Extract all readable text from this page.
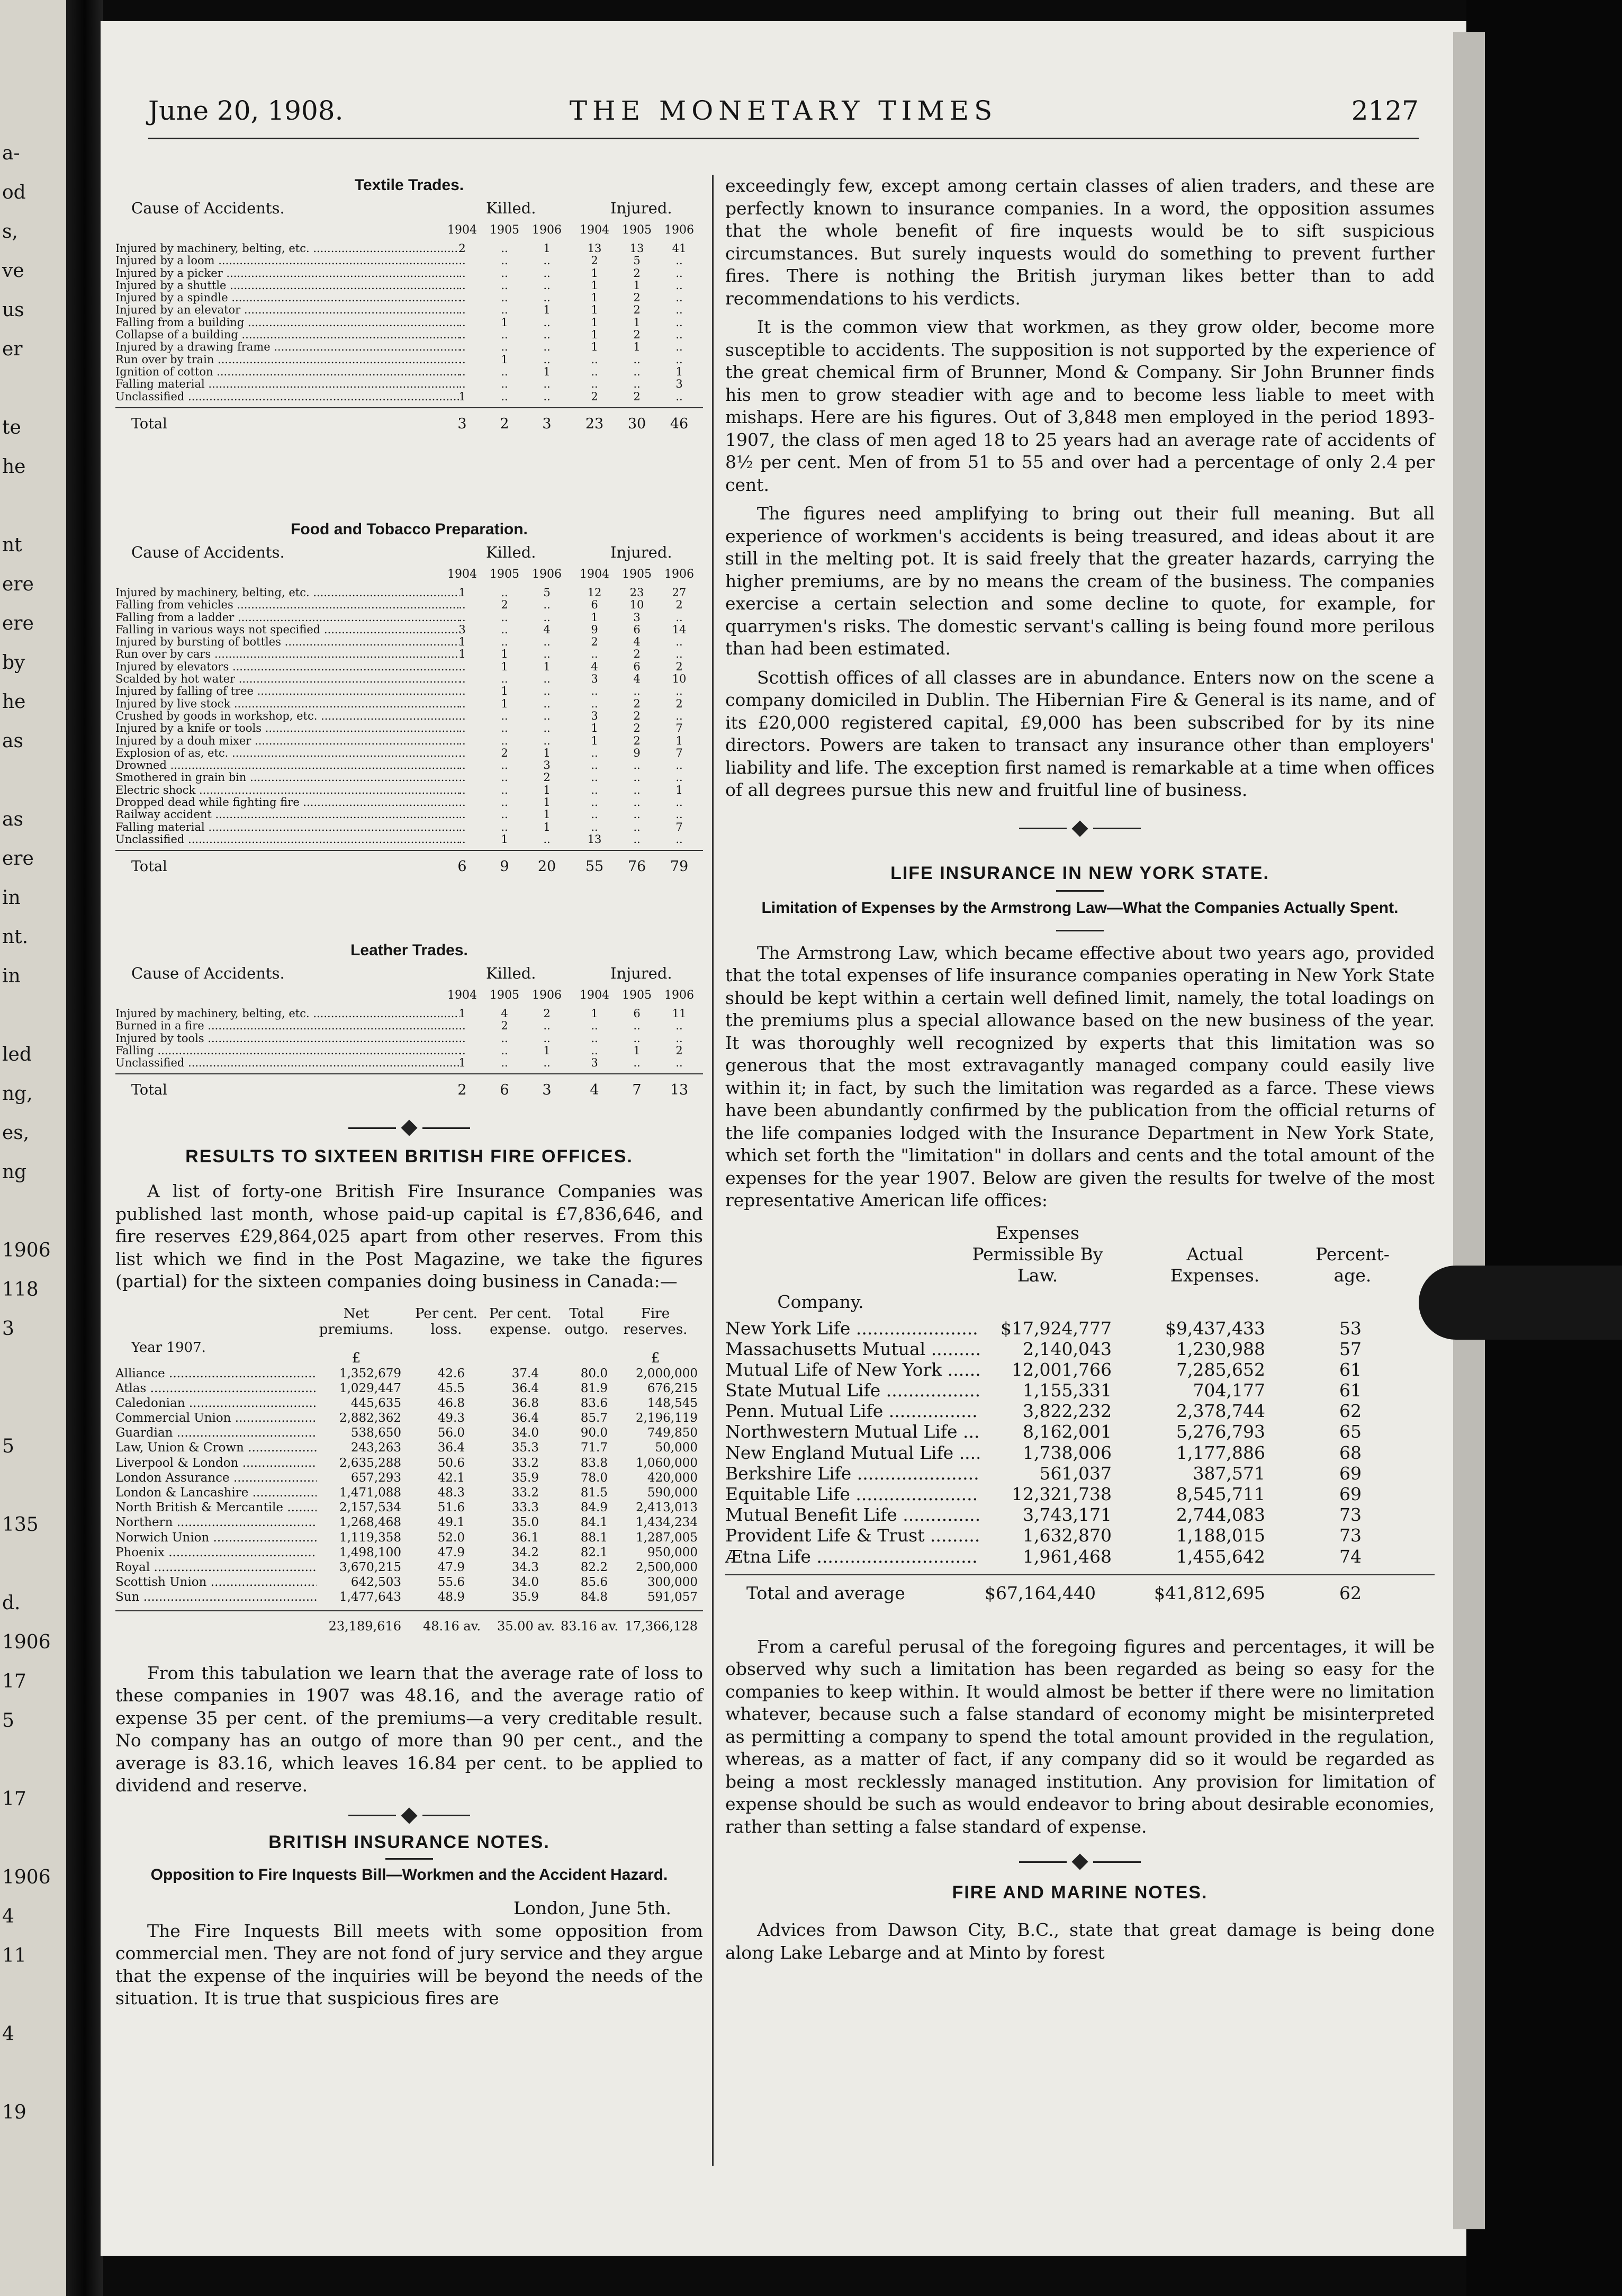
a-
od
s,
ve
us
er
te
he
nt
ere
ere
by
he
as
as
ere
in
nt.
in
led
ng,
es,
ng
1906
118
3
5
135
d.
1906
17
5
17
1906
4
11
4
19
June 20, 1908.	THE MONETARY TIMES	2127
Textile Trades.
Cause of Accidents.	Killed.	Injured.
1904	1905	1906	1904	1905	1906
Injured by machinery, belting, etc. .....	2	..	1	13	13	41
Injured by a loom .....	..	..	..	2	5	..
Injured by a picker .....	..	..	..	1	2	..
Injured by a shuttle .....	..	..	..	1	1	..
Injured by a spindle .....	..	..	..	1	2	..
Injured by an elevator .....	..	..	1	1	2	..
Falling from a building .....	..	1	..	1	1	..
Collapse of a building .....	..	..	..	1	2	..
Injured by a drawing frame .....	..	..	..	1	1	..
Run over by train .....	..	1	..	..	..	..
Ignition of cotton .....	..	..	1	..	..	1
Falling material .....	..	..	..	..	..	3
Unclassified .....	1	..	..	2	2	..
Total	3	2	3	23	30	46
Food and Tobacco Preparation.
Cause of Accidents.	Killed.	Injured.
1904	1905	1906	1904	1905	1906
Injured by machinery, belting, etc. .....	1	..	5	12	23	27
Falling from vehicles .....	..	2	..	6	10	2
Falling from a ladder .....	..	..	..	1	3	..
Falling in various ways not specified .....	3	..	4	9	6	14
Injured by bursting of bottles .....	1	..	..	2	4	..
Run over by cars .....	1	1	..	..	2	..
Injured by elevators .....	..	1	1	4	6	2
Scalded by hot water .....	..	..	..	3	4	10
Injured by falling of tree .....	..	1	..	..	..	..
Injured by live stock .....	..	1	..	..	2	2
Crushed by goods in workshop, etc. .....	..	..	..	3	2	..
Injured by a knife or tools .....	..	..	..	1	2	7
Injured by a douh mixer .....	..	..	..	1	2	1
Explosion of as, etc. .....	..	2	1	..	9	7
Drowned .....	..	..	3	..	..	..
Smothered in grain bin .....	..	..	2	..	..	..
Electric shock .....	..	..	1	..	..	1
Dropped dead while fighting fire .....	..	..	1	..	..	..
Railway accident .....	..	..	1	..	..	..
Falling material .....	..	..	1	..	..	7
Unclassified .....	..	1	..	13	..	..
Total	6	9	20	55	76	79
Leather Trades.
Cause of Accidents.	Killed.	Injured.
1904	1905	1906	1904	1905	1906
Injured by machinery, belting, etc. .....	1	4	2	1	6	11
Burned in a fire .....	..	2	..	..	..	..
Injured by tools .....	..	..	..	..	..	..
Falling .....	..	..	1	..	1	2
Unclassified .....	1	..	..	3	..	..
Total	2	6	3	4	7	13
RESULTS TO SIXTEEN BRITISH FIRE OFFICES.

A list of forty-one British Fire Insurance Companies was published last month, whose paid-up capital is £7,836,646, and fire reserves £29,864,025 apart from other reserves. From this list which we find in the Post Magazine, we take the figures (partial) for the sixteen companies doing business in Canada:—

Year 1907.
Net premiums.
£
Per cent. loss.
Per cent. expense.
Total outgo.
Fire reserves.
£
Alliance .....	1,352,679	42.6	37.4	80.0	2,000,000
Atlas .....	1,029,447	45.5	36.4	81.9	676,215
Caledonian .....	445,635	46.8	36.8	83.6	148,545
Commercial Union .....	2,882,362	49.3	36.4	85.7	2,196,119
Guardian .....	538,650	56.0	34.0	90.0	749,850
Law, Union & Crown .....	243,263	36.4	35.3	71.7	50,000
Liverpool & London .....	2,635,288	50.6	33.2	83.8	1,060,000
London Assurance .....	657,293	42.1	35.9	78.0	420,000
London & Lancashire .....	1,471,088	48.3	33.2	81.5	590,000
North British & Mercantile .....	2,157,534	51.6	33.3	84.9	2,413,013
Northern .....	1,268,468	49.1	35.0	84.1	1,434,234
Norwich Union .....	1,119,358	52.0	36.1	88.1	1,287,005
Phoenix .....	1,498,100	47.9	34.2	82.1	950,000
Royal .....	3,670,215	47.9	34.3	82.2	2,500,000
Scottish Union .....	642,503	55.6	34.0	85.6	300,000
Sun .....	1,477,643	48.9	35.9	84.8	591,057
23,189,616	48.16 av.	35.00 av. 83.16 av. 17,366,128

From this tabulation we learn that the average rate of loss to these companies in 1907 was 48.16, and the average ratio of expense 35 per cent. of the premiums—a very creditable result. No company has an outgo of more than 90 per cent., and the average is 83.16, which leaves 16.84 per cent. to be applied to dividend and reserve.

BRITISH INSURANCE NOTES.
Opposition to Fire Inquests Bill—Workmen and the Accident Hazard.
London, June 5th.

The Fire Inquests Bill meets with some opposition from commercial men. They are not fond of jury service and they argue that the expense of the inquiries will be beyond the needs of the situation. It is true that suspicious fires are

exceedingly few, except among certain classes of alien traders, and these are perfectly known to insurance companies. In a word, the opposition assumes that the whole benefit of fire inquests would be to sift suspicious circumstances. But surely inquests would do something to prevent further fires. There is nothing the British juryman likes better than to add recommendations to his verdicts.

It is the common view that workmen, as they grow older, become more susceptible to accidents. The supposition is not supported by the experience of the great chemical firm of Brunner, Mond & Company. Sir John Brunner finds his men to grow steadier with age and to become less liable to meet with mishaps. Here are his figures. Out of 3,848 men employed in the period 1893-1907, the class of men aged 18 to 25 years had an average rate of accidents of 8½ per cent. Men of from 51 to 55 and over had a percentage of only 2.4 per cent.

The figures need amplifying to bring out their full meaning. But all experience of workmen's accidents is being treasured, and ideas about it are still in the melting pot. It is said freely that the greater hazards, carrying the higher premiums, are by no means the cream of the business. The companies exercise a certain selection and some decline to quote, for example, for quarrymen's risks. The domestic servant's calling is being found more perilous than had been estimated.

Scottish offices of all classes are in abundance. Enters now on the scene a company domiciled in Dublin. The Hibernian Fire & General is its name, and of its £20,000 registered capital, £9,000 has been subscribed for by its nine directors. Powers are taken to transact any insurance other than employers' liability and life. The exception first named is remarkable at a time when offices of all degrees pursue this new and fruitful line of business.

LIFE INSURANCE IN NEW YORK STATE.
Limitation of Expenses by the Armstrong Law—What the Companies Actually Spent.

The Armstrong Law, which became effective about two years ago, provided that the total expenses of life insurance companies operating in New York State should be kept within a certain well defined limit, namely, the total loadings on the premiums plus a special allowance based on the new business of the year. It was thoroughly well recognized by experts that this limitation was so generous that the most extravagantly managed company could easily live within it; in fact, by such the limitation was regarded as a farce. These views have been abundantly confirmed by the publication from the official returns of the life companies lodged with the Insurance Department in New York State, which set forth the "limitation" in dollars and cents and the total amount of the expenses for the year 1907. Below are given the results for twelve of the most representative American life offices:

Company.
Expenses Permissible By Law.
Actual Expenses.
Percent-age.
New York Life .....	$17,924,777	$9,437,433	53
Massachusetts Mutual .....	2,140,043	1,230,988	57
Mutual Life of New York .....	12,001,766	7,285,652	61
State Mutual Life .....	1,155,331	704,177	61
Penn. Mutual Life .....	3,822,232	2,378,744	62
Northwestern Mutual Life .....	8,162,001	5,276,793	65
New England Mutual Life .....	1,738,006	1,177,886	68
Berkshire Life .....	561,037	387,571	69
Equitable Life .....	12,321,738	8,545,711	69
Mutual Benefit Life .....	3,743,171	2,744,083	73
Provident Life & Trust .....	1,632,870	1,188,015	73
Ætna Life .....	1,961,468	1,455,642	74
Total and average	$67,164,440	$41,812,695	62

From a careful perusal of the foregoing figures and percentages, it will be observed why such a limitation has been regarded as being so easy for the companies to keep within. It would almost be better if there were no limitation whatever, because such a false standard of economy might be misinterpreted as permitting a company to spend the total amount provided in the regulation, whereas, as a matter of fact, if any company did so it would be regarded as being a most recklessly managed institution. Any provision for limitation of expense should be such as would endeavor to bring about desirable economies, rather than setting a false standard of expense.

FIRE AND MARINE NOTES.

Advices from Dawson City, B.C., state that great damage is being done along Lake Lebarge and at Minto by forest
